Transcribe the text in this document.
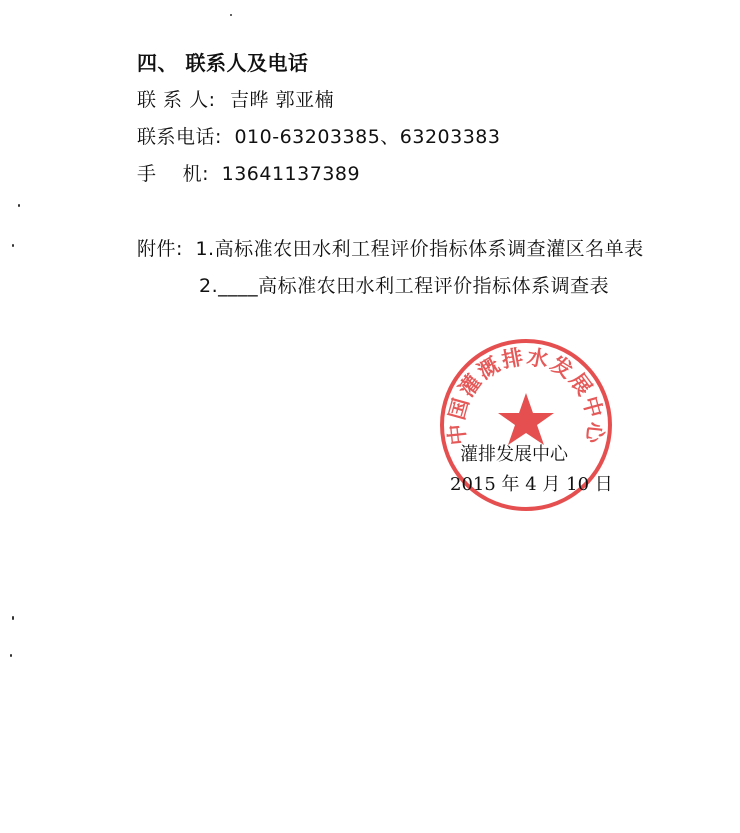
四、 联系人及电话
联 系 人: 吉晔 郭亚楠
联系电话: 010-63203385、63203383
手    机: 13641137389
附件: 1.高标准农田水利工程评价指标体系调查灌区名单表
2.____高标准农田水利工程评价指标体系调查表
中国灌溉排水发展中心
灌排发展中心
2015 年 4 月 10 日
